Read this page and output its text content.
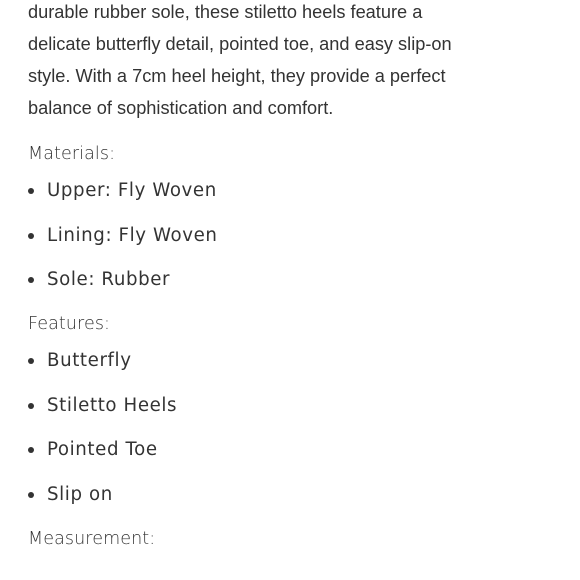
durable rubber sole, these stiletto heels feature a
delicate butterfly detail, pointed toe, and easy slip-on
style. With a 7cm heel height, they provide a perfect
balance of sophistication and comfort.

Materials:
Upper: Fly Woven
Lining: Fly Woven
Sole: Rubber
Features:
Butterfly
Stiletto Heels
Pointed Toe
Slip on
Measurement:
